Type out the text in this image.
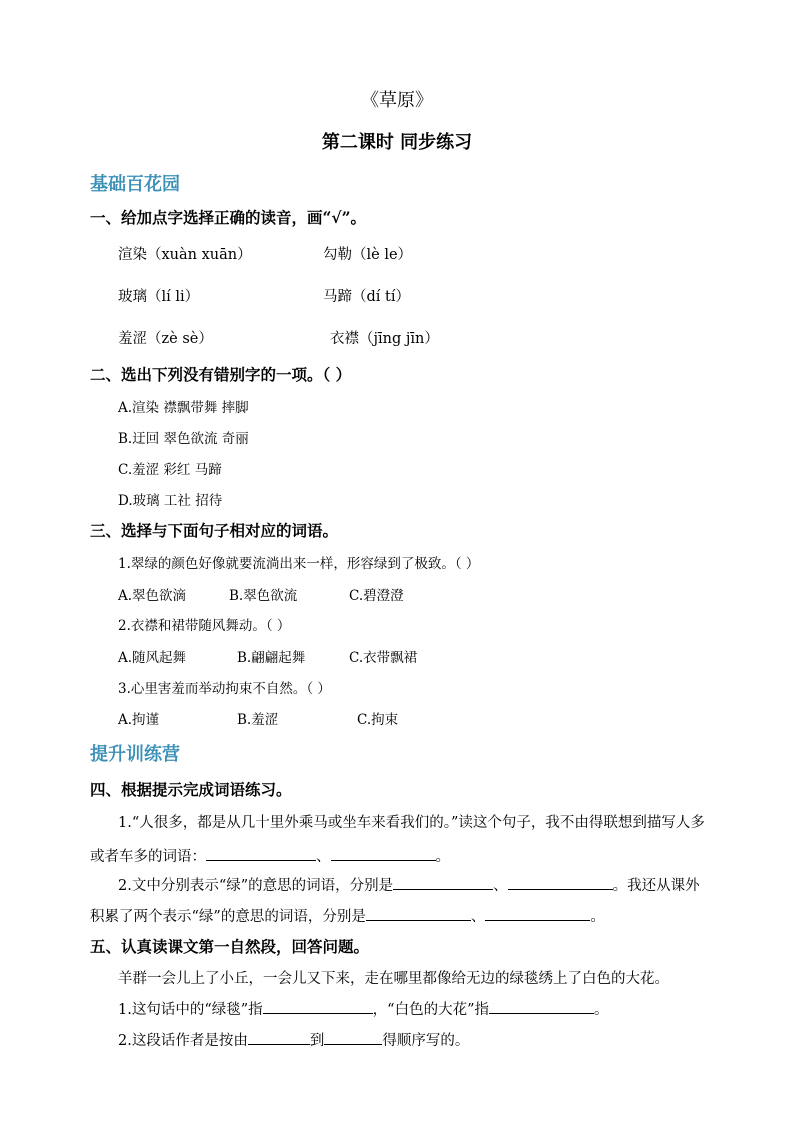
《草原》
第二课时 同步练习
基础百花园
一、给加点字选择正确的读音，画“√”。
渲染（xuàn xuān）	勾勒（lè le）
玻璃（lí li）	马蹄（dí tí）
羞涩（zè sè）	衣襟（jīng jīn）
二、选出下列没有错别字的一项。（ ）
A.渲染 襟飘带舞 摔脚
B.迂回 翠色欲流 奇丽
C.羞涩 彩红 马蹄
D.玻璃 工社 招待
三、选择与下面句子相对应的词语。
1.翠绿的颜色好像就要流淌出来一样，形容绿到了极致。（ ）
A.翠色欲滴	B.翠色欲流	C.碧澄澄
2.衣襟和裙带随风舞动。（ ）
A.随风起舞	B.翩翩起舞	C.衣带飘裙
3.心里害羞而举动拘束不自然。（ ）
A.拘谨	B.羞涩	C.拘束
提升训练营
四、根据提示完成词语练习。
1.“人很多，都是从几十里外乘马或坐车来看我们的。”读这个句子，我不由得联想到描写人多
或者车多的词语：	、	。
2.文中分别表示“绿”的意思的词语，分别是	、	。我还从课外
积累了两个表示“绿”的意思的词语，分别是	、	。
五、认真读课文第一自然段，回答问题。
羊群一会儿上了小丘，一会儿又下来，走在哪里都像给无边的绿毯绣上了白色的大花。
1.这句话中的“绿毯”指	，“白色的大花”指	。
2.这段话作者是按由	到	得顺序写的。
